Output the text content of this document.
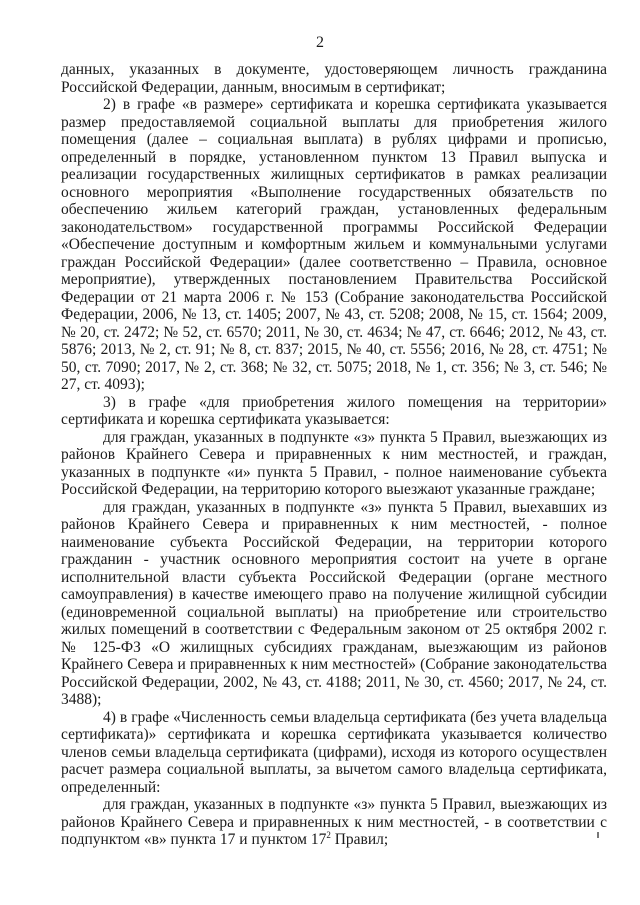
2

данных, указанных в документе, удостоверяющем личность гражданина Российской Федерации, данным, вносимым в сертификат;

2) в графе «в размере» сертификата и корешка сертификата указывается размер предоставляемой социальной выплаты для приобретения жилого помещения (далее – социальная выплата) в рублях цифрами и прописью, определенный в порядке, установленном пунктом 13 Правил выпуска и реализации государственных жилищных сертификатов в рамках реализации основного мероприятия «Выполнение государственных обязательств по обеспечению жильем категорий граждан, установленных федеральным законодательством» государственной программы Российской Федерации «Обеспечение доступным и комфортным жильем и коммунальными услугами граждан Российской Федерации» (далее соответственно – Правила, основное мероприятие), утвержденных постановлением Правительства Российской Федерации от 21 марта 2006 г. № 153 (Собрание законодательства Российской Федерации, 2006, № 13, ст. 1405; 2007, № 43, ст. 5208; 2008, № 15, ст. 1564; 2009, № 20, ст. 2472; № 52, ст. 6570; 2011, № 30, ст. 4634; № 47, ст. 6646; 2012, № 43, ст. 5876; 2013, № 2, ст. 91; № 8, ст. 837; 2015, № 40, ст. 5556; 2016, № 28, ст. 4751; № 50, ст. 7090; 2017, № 2, ст. 368; № 32, ст. 5075; 2018, № 1, ст. 356; № 3, ст. 546; № 27, ст. 4093);

3) в графе «для приобретения жилого помещения на территории» сертификата и корешка сертификата указывается:

для граждан, указанных в подпункте «з» пункта 5 Правил, выезжающих из районов Крайнего Севера и приравненных к ним местностей, и граждан, указанных в подпункте «и» пункта 5 Правил, - полное наименование субъекта Российской Федерации, на территорию которого выезжают указанные граждане;

для граждан, указанных в подпункте «з» пункта 5 Правил, выехавших из районов Крайнего Севера и приравненных к ним местностей, - полное наименование субъекта Российской Федерации, на территории которого гражданин - участник основного мероприятия состоит на учете в органе исполнительной власти субъекта Российской Федерации (органе местного самоуправления) в качестве имеющего право на получение жилищной субсидии (единовременной социальной выплаты) на приобретение или строительство жилых помещений в соответствии с Федеральным законом от 25 октября 2002 г. № 125-ФЗ «О жилищных субсидиях гражданам, выезжающим из районов Крайнего Севера и приравненных к ним местностей» (Собрание законодательства Российской Федерации, 2002, № 43, ст. 4188; 2011, № 30, ст. 4560; 2017, № 24, ст. 3488);

4) в графе «Численность семьи владельца сертификата (без учета владельца сертификата)» сертификата и корешка сертификата указывается количество членов семьи владельца сертификата (цифрами), исходя из которого осуществлен расчет размера социальной выплаты, за вычетом самого владельца сертификата, определенный:

для граждан, указанных в подпункте «з» пункта 5 Правил, выезжающих из районов Крайнего Севера и приравненных к ним местностей, - в соответствии с подпунктом «в» пункта 17 и пунктом $17^2$ Правил;
